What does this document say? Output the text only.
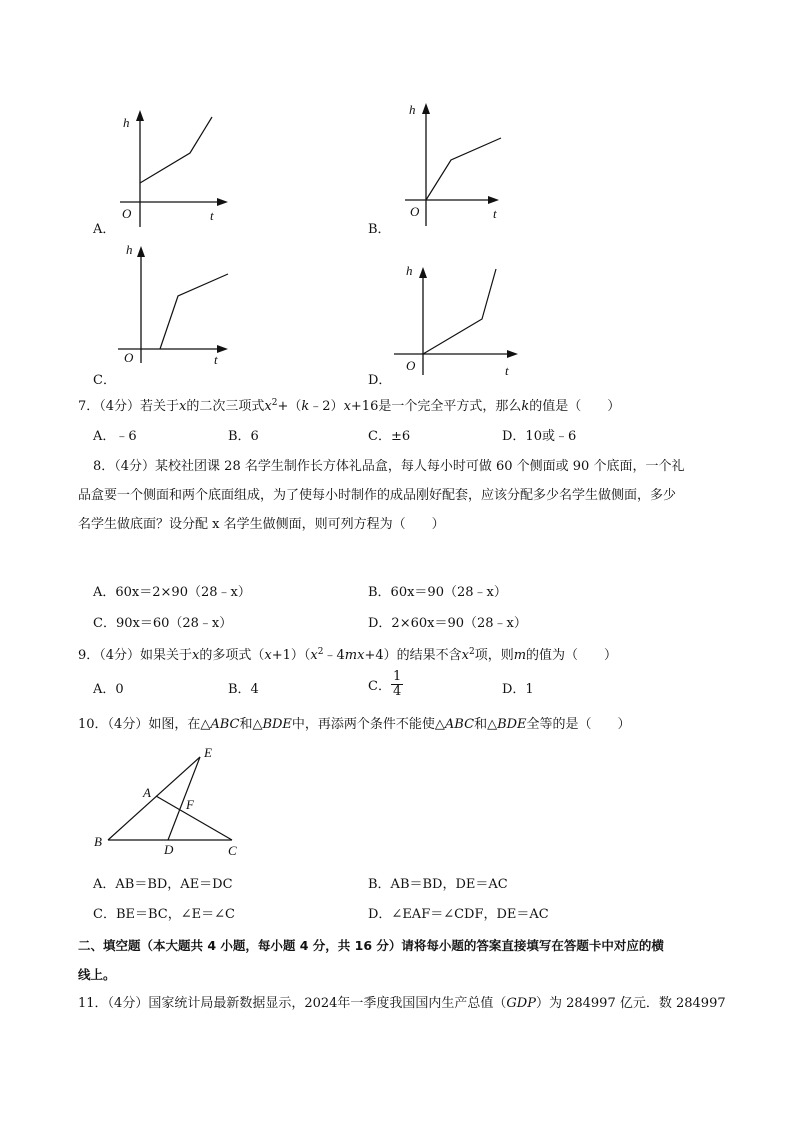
h
O	t
A．
h
O	t
B．
h
O	t
C．
h
O	t
D．
7．（4分）若关于x的二次三项式$x^2+(k﹣2)x+16$是一个完全平方式，那么k的值是（　　）
A．﹣6	B．6	C．±6	D．10或﹣6
8．（4分）某校社团课 28 名学生制作长方体礼品盒，每人每小时可做 60 个侧面或 90 个底面，一个礼
品盒要一个侧面和两个底面组成，为了使每小时制作的成品刚好配套，应该分配多少名学生做侧面，多少
名学生做底面？设分配 x 名学生做侧面，则可列方程为（　　）
A．60x＝2×90（28﹣x）	B．60x＝90（28﹣x）
C．90x＝60（28﹣x）	D．2×60x＝90（28﹣x）
9．（4分）如果关于x的多项式$(x+1)(x^2﹣4mx+4)$的结果不含$x^2$项，则m的值为（　　）
A．0	B．4	C． $\frac{1}{4}$	D．1
10．（4分）如图，在△ABC和△BDE中，再添两个条件不能使△ABC和△BDE全等的是（　　）
E
A
F
B
D	C
A．AB＝BD，AE＝DC	B．AB＝BD，DE＝AC
C．BE＝BC，∠E＝∠C	D．∠EAF＝∠CDF，DE＝AC
二、填空题（本大题共 4 小题，每小题 4 分，共 16 分）请将每小题的答案直接填写在答题卡中对应的横
线上。
11．（4分）国家统计局最新数据显示，2024年一季度我国国内生产总值（GDP）为 284997 亿元．数 284997
